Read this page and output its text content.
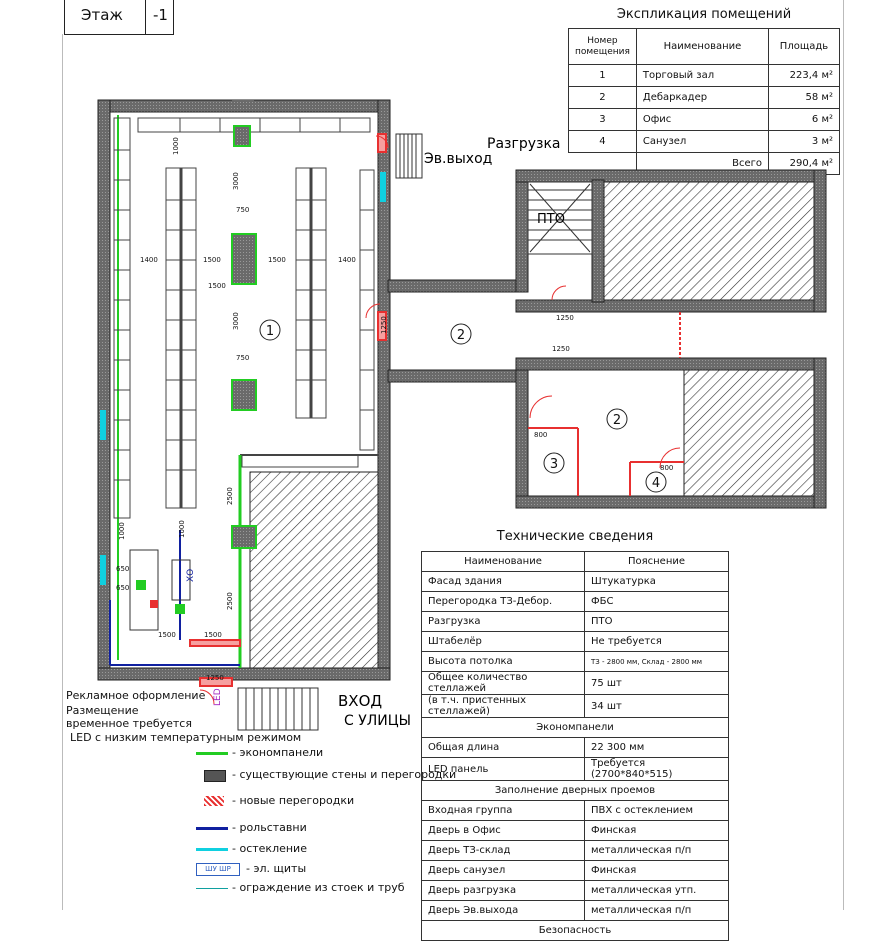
Этаж -1	Экспликация помещений
Номер помещения	Наименование	Площадь
1	Торговый зал	223,4 м²
2	Дебаркадер	58 м²
3	Офис	6 м²
4	Санузел	3 м²
	Всего	290,4 м²
1	2
2
3
4
Разгрузка
Эв.выход
ПТО
ВХОД
С УЛИЦЫ
LED
ХО
1000
3000
750
1400	1500	1500	1400
1500
3000
750
2500
1000	1000
1500
2500
1250
1250
1250
1250
800
800
1500
650
650
Рекламное оформление
Размещение временное требуется
LED с низким температурным режимом
- экономпанели
- существующие стены и перегородки
- новые перегородки
- рольставни
- остекление
ШУ ШР	- эл. щиты
- ограждение из стоек и труб
Технические сведения
Наименование	Пояснение
Фасад здания	Штукатурка
Перегородка ТЗ-Дебор.	ФБС
Разгрузка	ПТО
Штабелёр	Не требуется
Высота потолка	ТЗ - 2800 мм, Склад - 2800 мм
Общее количество стеллажей	75 шт
(в т.ч. пристенных стеллажей)	34 шт
Экономпанели	
Общая длина	22 300 мм
LED панель	Требуется (2700*840*515)
Заполнение дверных проемов	
Входная группа	ПВХ с остеклением
Дверь в Офис	Финская
Дверь ТЗ-склад	металлическая п/п
Дверь санузел	Финская
Дверь разгрузка	металлическая утп.
Дверь Эв.выхода	металлическая п/п
Безопасность	
